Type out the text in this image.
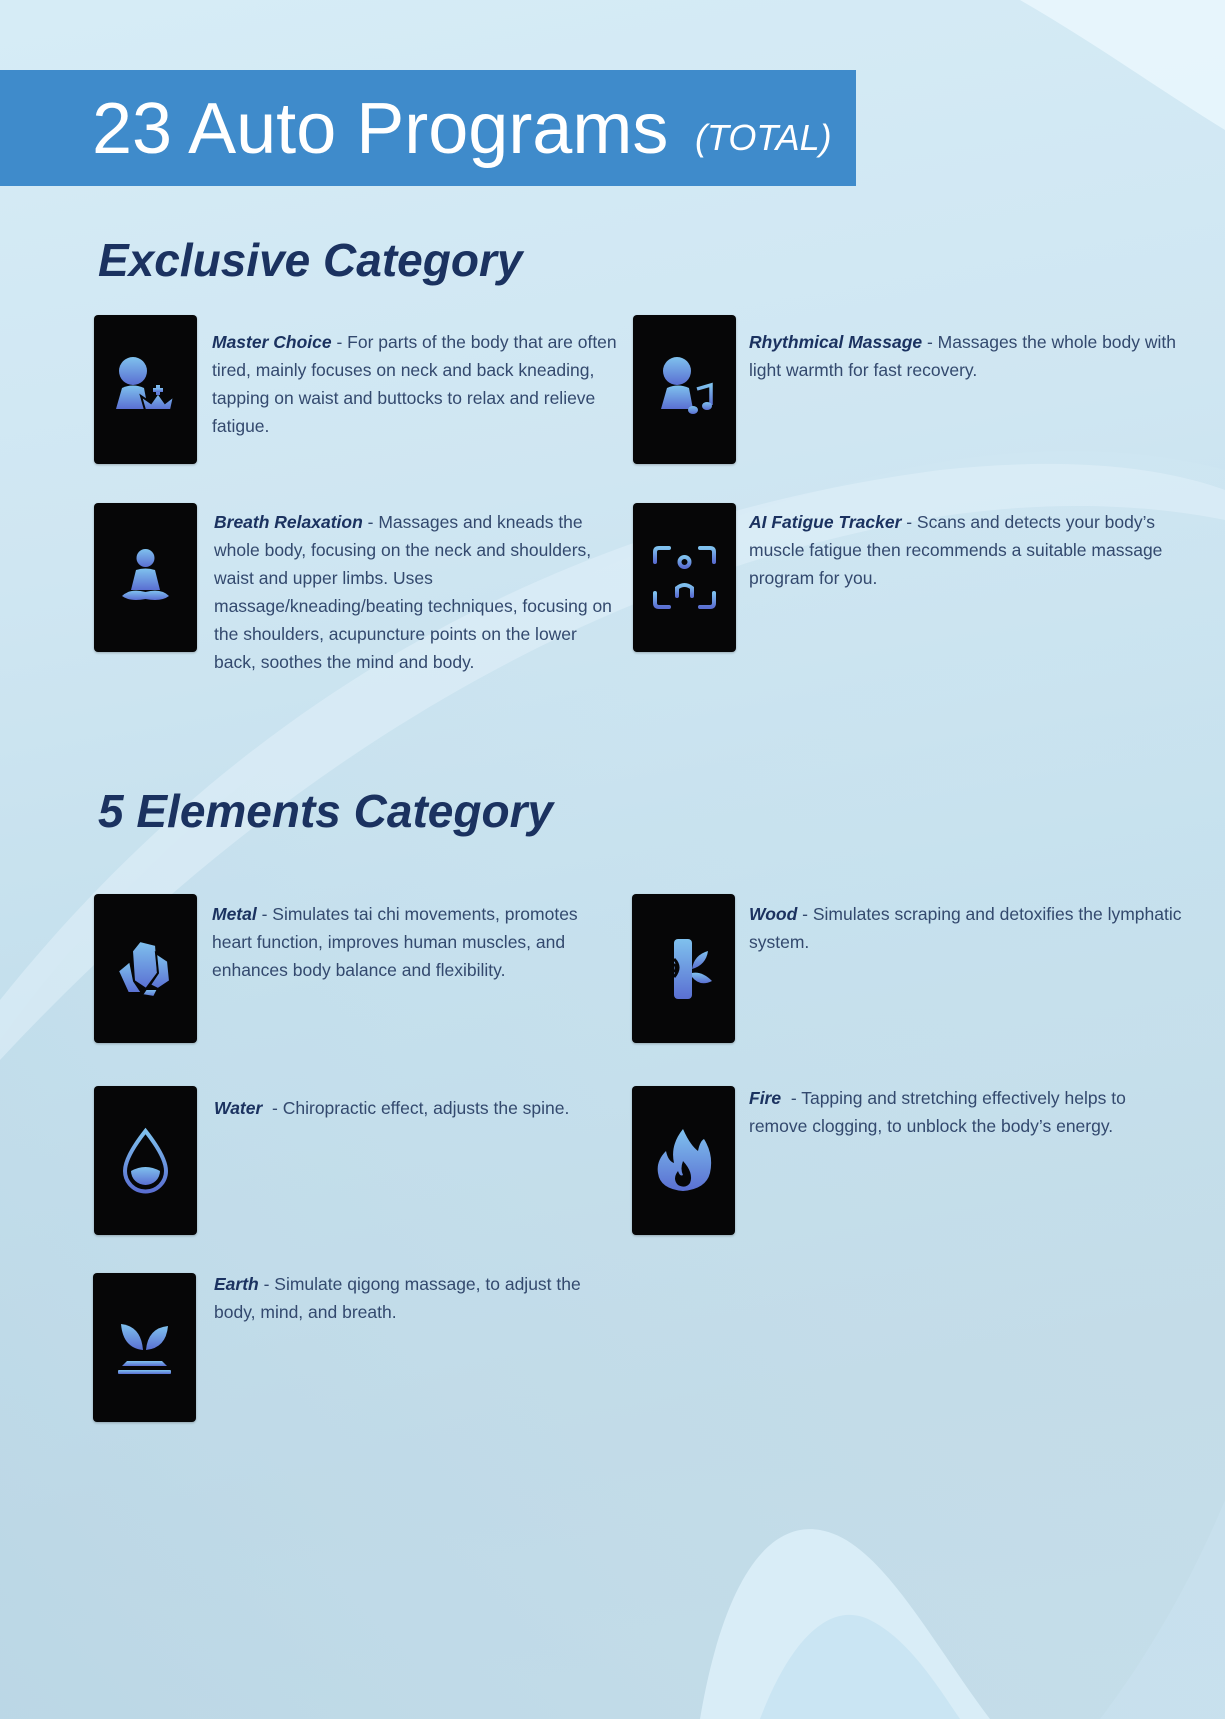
23 Auto Programs (TOTAL)
Exclusive Category

Master Choice - For parts of the body that are often tired, mainly focuses on neck and back kneading, tapping on waist and buttocks to relax and relieve fatigue.

Rhythmical Massage - Massages the whole body with light warmth for fast recovery.

Breath Relaxation - Massages and kneads the whole body, focusing on the neck and shoulders, waist and upper limbs. Uses massage/kneading/beating techniques, focusing on the shoulders, acupuncture points on the lower back, soothes the mind and body.

AI Fatigue Tracker - Scans and detects your body’s muscle fatigue then recommends a suitable massage program for you.

5 Elements Category

Metal - Simulates tai chi movements, promotes heart function, improves human muscles, and enhances body balance and flexibility.

Wood - Simulates scraping and detoxifies the lymphatic system.

Water  - Chiropractic effect, adjusts the spine.	Fire  - Tapping and stretching effectively helps to remove clogging, to unblock the body’s energy.

Earth - Simulate qigong massage, to adjust the body, mind, and breath.
